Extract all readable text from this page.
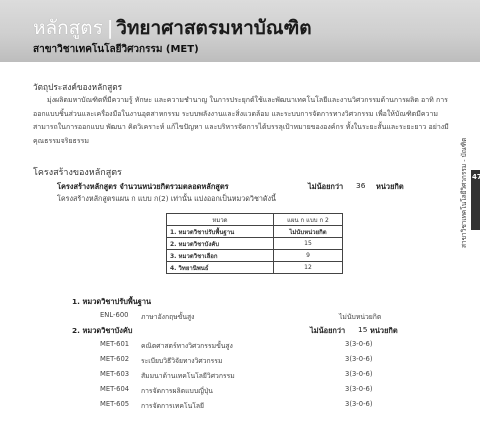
หลักสูตร | วิทยาศาสตรมหาบัณฑิต
สาขาวิชาเทคโนโลยีวิศวกรรม (MET)
วัตถุประสงค์ของหลักสูตร
มุ่งผลิตมหาบัณฑิตที่มีความรู้ ทักษะ และความชำนาญ ในการประยุกต์ใช้และพัฒนาเทคโนโลยีและงานวิศวกรรมด้านการผลิต อาทิ การออกแบบชิ้นส่วนและเครื่องมือในงานอุตสาหกรรม ระบบพลังงานและสิ่งแวดล้อม และระบบการจัดการทางวิศวกรรม เพื่อให้บัณฑิตมีความสามารถในการออกแบบ พัฒนา คิดวิเคราะห์ แก้ไขปัญหา และบริหารจัดการได้บรรลุเป้าหมายขององค์กร ทั้งในระยะสั้นและระยะยาว อย่างมีคุณธรรมจริยธรรม
โครงสร้างของหลักสูตร
โครงสร้างหลักสูตร จำนวนหน่วยกิตรวมตลอดหลักสูตร	ไม่น้อยกว่า 36 หน่วยกิต
โครงสร้างหลักสูตรแผน ก แบบ ก(2) เท่านั้น แบ่งออกเป็นหมวดวิชาดังนี้
หมวด	แผน ก แบบ ก 2
1. หมวดวิชาปรับพื้นฐาน	ไม่นับหน่วยกิต
2. หมวดวิชาบังคับ	15
3. หมวดวิชาเลือก	9
4. วิทยานิพนธ์	12
1. หมวดวิชาปรับพื้นฐาน
ENL-600 ภาษาอังกฤษขั้นสูง	ไม่นับหน่วยกิต
2. หมวดวิชาบังคับ	ไม่น้อยกว่า 15 หน่วยกิต
MET-601 คณิตศาสตร์ทางวิศวกรรมขั้นสูง	3(3-0-6)
MET-602 ระเบียบวิธีวิจัยทางวิศวกรรม	3(3-0-6)
MET-603 สัมมนาด้านเทคโนโลยีวิศวกรรม	3(3-0-6)
MET-604 การจัดการผลิตแบบญี่ปุ่น	3(3-0-6)
MET-605 การจัดการเทคโนโลยี	3(3-0-6)
สาขาวิชาเทคโนโลยีวิศวกรรม - บัณฑิต 47
